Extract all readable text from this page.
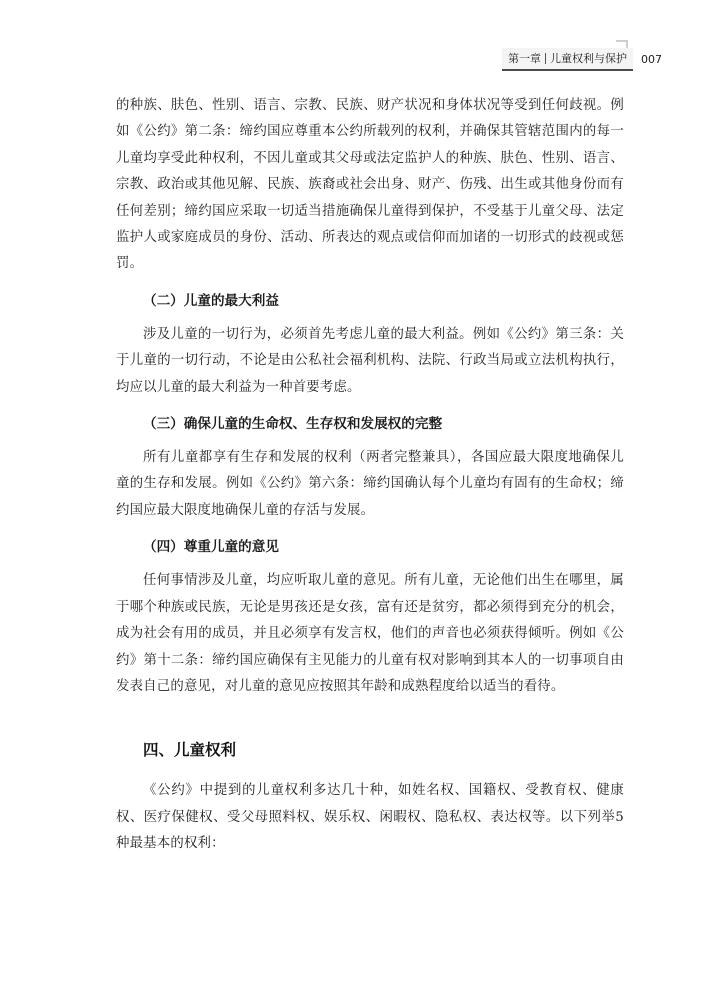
第一章 儿童权利与保护	007

的种族、肤色、性别、语言、宗教、民族、财产状况和身体状况等受到任何歧视。例如《公约》第二条：缔约国应尊重本公约所载列的权利，并确保其管辖范围内的每一儿童均享受此种权利，不因儿童或其父母或法定监护人的种族、肤色、性别、语言、宗教、政治或其他见解、民族、族裔或社会出身、财产、伤残、出生或其他身份而有任何差别；缔约国应采取一切适当措施确保儿童得到保护，不受基于儿童父母、法定监护人或家庭成员的身份、活动、所表达的观点或信仰而加诸的一切形式的歧视或惩罚。

（二）儿童的最大利益

涉及儿童的一切行为，必须首先考虑儿童的最大利益。例如《公约》第三条：关于儿童的一切行动，不论是由公私社会福利机构、法院、行政当局或立法机构执行，均应以儿童的最大利益为一种首要考虑。

（三）确保儿童的生命权、生存权和发展权的完整

所有儿童都享有生存和发展的权利（两者完整兼具），各国应最大限度地确保儿童的生存和发展。例如《公约》第六条：缔约国确认每个儿童均有固有的生命权；缔约国应最大限度地确保儿童的存活与发展。

（四）尊重儿童的意见

任何事情涉及儿童，均应听取儿童的意见。所有儿童，无论他们出生在哪里，属于哪个种族或民族，无论是男孩还是女孩，富有还是贫穷，都必须得到充分的机会，成为社会有用的成员，并且必须享有发言权，他们的声音也必须获得倾听。例如《公约》第十二条：缔约国应确保有主见能力的儿童有权对影响到其本人的一切事项自由发表自己的意见，对儿童的意见应按照其年龄和成熟程度给以适当的看待。

四、儿童权利

《公约》中提到的儿童权利多达几十种，如姓名权、国籍权、受教育权、健康权、医疗保健权、受父母照料权、娱乐权、闲暇权、隐私权、表达权等。以下列举5种最基本的权利：
